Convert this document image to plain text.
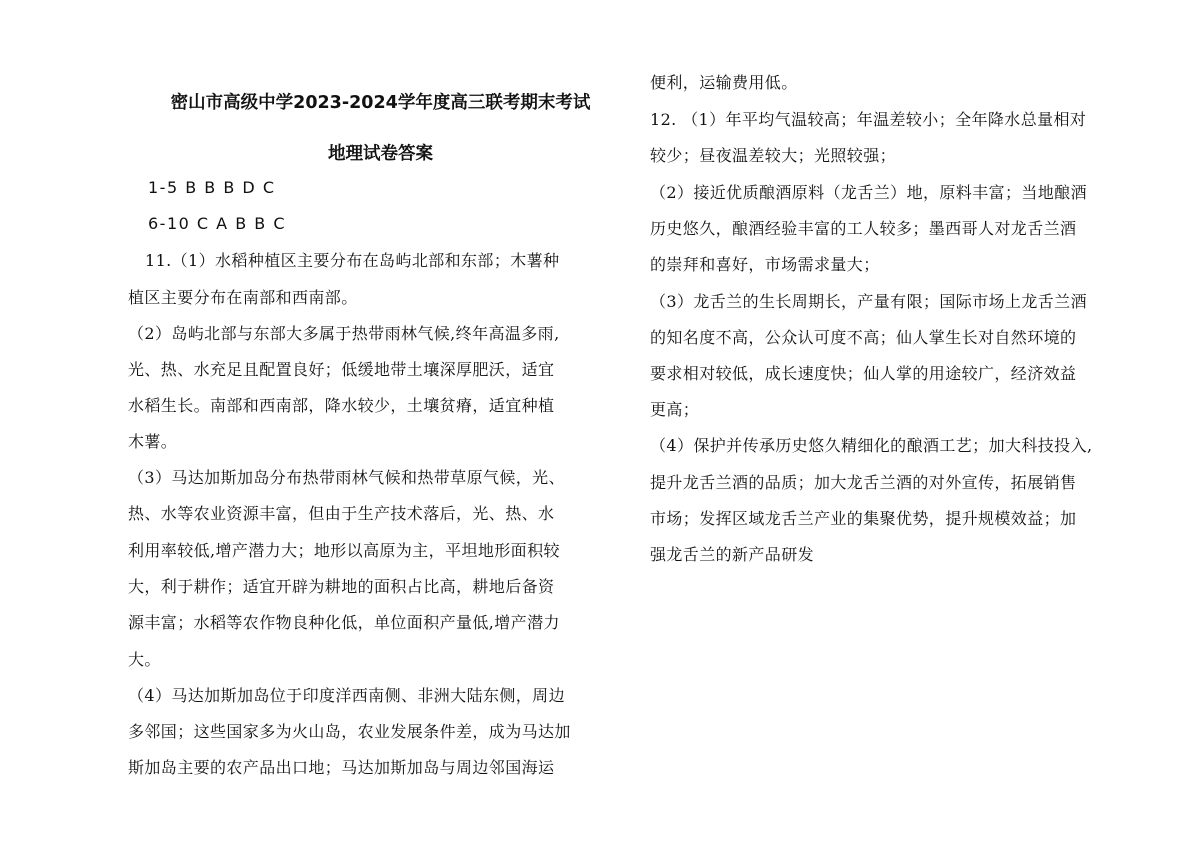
密山市高级中学2023-2024学年度高三联考期末考试
地理试卷答案
1-5 B B B D C
6-10 C A B B C
11.（1）水稻种植区主要分布在岛屿北部和东部；木薯种
植区主要分布在南部和西南部。
（2）岛屿北部与东部大多属于热带雨林气候,终年高温多雨,
光、热、水充足且配置良好；低缓地带土壤深厚肥沃，适宜
水稻生长。南部和西南部，降水较少，土壤贫瘠，适宜种植
木薯。
（3）马达加斯加岛分布热带雨林气候和热带草原气候，光、
热、水等农业资源丰富，但由于生产技术落后，光、热、水
利用率较低,增产潜力大；地形以高原为主，平坦地形面积较
大，利于耕作；适宜开辟为耕地的面积占比高，耕地后备资
源丰富；水稻等农作物良种化低，单位面积产量低,增产潜力
大。
（4）马达加斯加岛位于印度洋西南侧、非洲大陆东侧，周边
多邻国；这些国家多为火山岛，农业发展条件差，成为马达加
斯加岛主要的农产品出口地；马达加斯加岛与周边邻国海运
便利，运输费用低。
12. （1）年平均气温较高；年温差较小；全年降水总量相对
较少；昼夜温差较大；光照较强；
（2）接近优质酿酒原料（龙舌兰）地，原料丰富；当地酿酒
历史悠久，酿酒经验丰富的工人较多；墨西哥人对龙舌兰酒
的崇拜和喜好，市场需求量大；
（3）龙舌兰的生长周期长，产量有限；国际市场上龙舌兰酒
的知名度不高，公众认可度不高；仙人掌生长对自然环境的
要求相对较低，成长速度快；仙人掌的用途较广，经济效益
更高；
（4）保护并传承历史悠久精细化的酿酒工艺；加大科技投入,
提升龙舌兰酒的品质；加大龙舌兰酒的对外宣传，拓展销售
市场；发挥区域龙舌兰产业的集聚优势，提升规模效益；加
强龙舌兰的新产品研发
